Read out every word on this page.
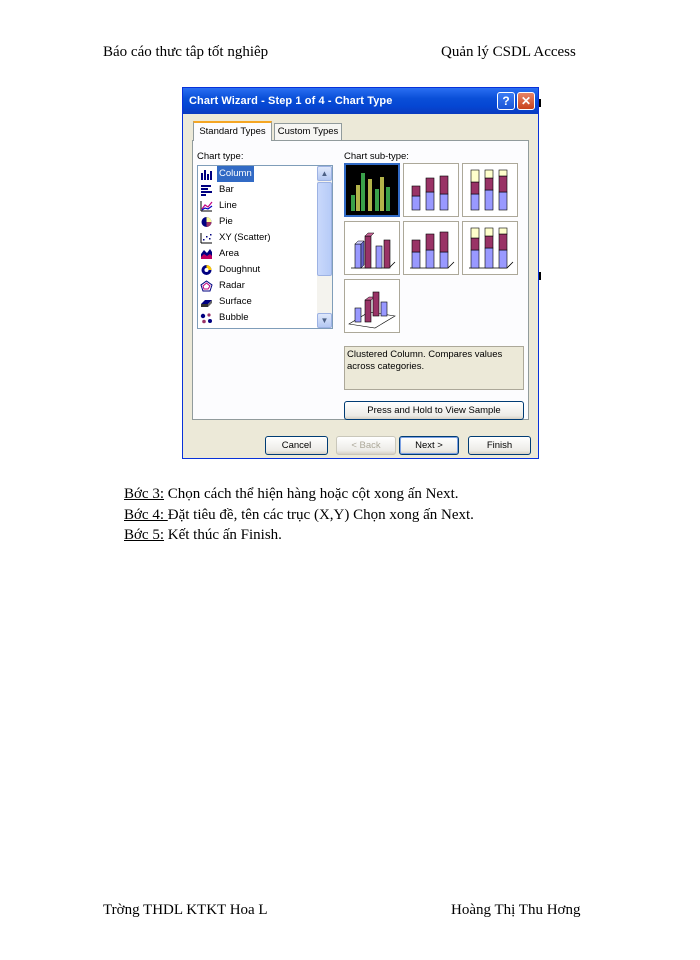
Báo cáo thưc tâp tốt nghiêp	Quản lý CSDL Access
Chart Wizard - Step 1 of 4 - Chart Type	? ✕
Standard Types	Custom Types
Chart type:	Chart sub-type:
Column
Bar
Line
Pie
XY (Scatter)
Area
Doughnut
Radar
Surface
Bubble
▲
▼
Clustered Column. Compares values across categories.
Press and Hold to View Sample
Cancel	< Back	Next >	Finish
Bớc 3: Chọn cách thể hiện hàng hoặc cột xong ấn Next.
Bớc 4: Đặt tiêu đề, tên các trục (X,Y) Chọn xong ấn Next.
Bớc 5: Kết thúc ấn Finish.
Trờng THDL KTKT Hoa L	Hoàng Thị Thu Hơng
